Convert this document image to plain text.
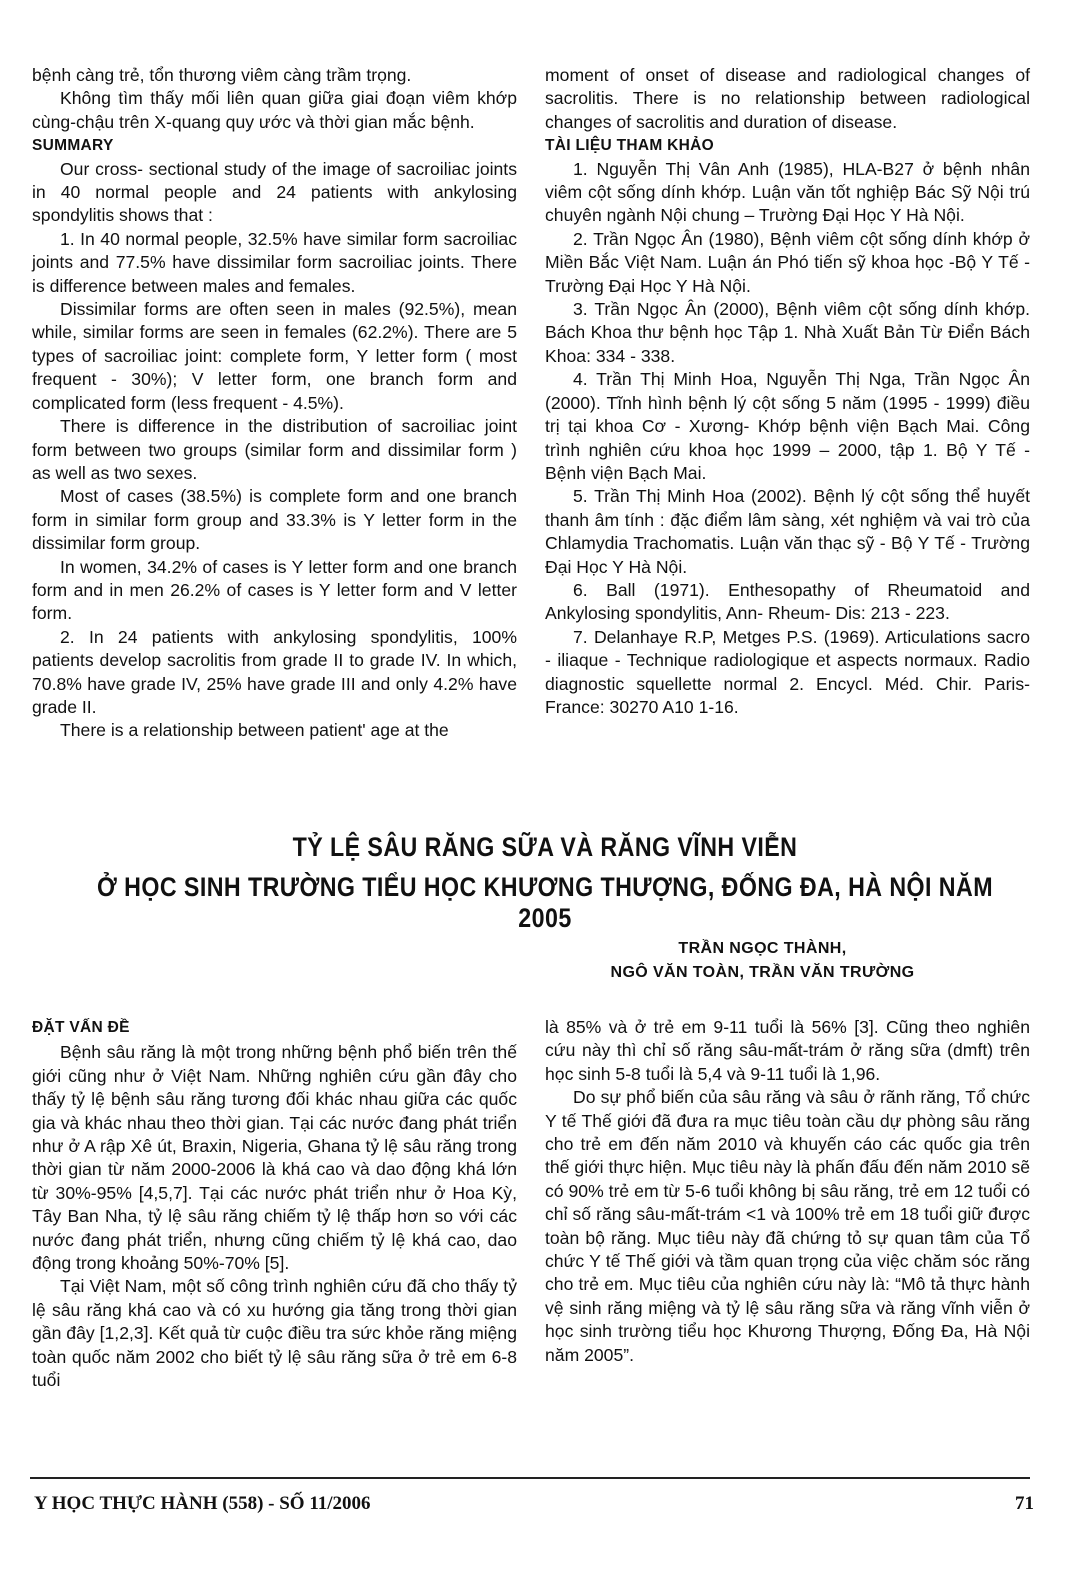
bệnh càng trẻ, tổn thương viêm càng trầm trọng.

Không tìm thấy mối liên quan giữa giai đoạn viêm khớp cùng-chậu trên X-quang quy ước và thời gian mắc bệnh.

SUMMARY

Our cross- sectional study of the image of sacroiliac joints in 40 normal people and 24 patients with ankylosing spondylitis shows that :

1. In 40 normal people, 32.5% have similar form sacroiliac joints and 77.5% have dissimilar form sacroiliac joints. There is difference between males and females.

Dissimilar forms are often seen in males (92.5%), mean while, similar forms are seen in females (62.2%). There are 5 types of sacroiliac joint: complete form, Y letter form ( most frequent - 30%); V letter form, one branch form and complicated form (less frequent - 4.5%).

There is difference in the distribution of sacroiliac joint form between two groups (similar form and dissimilar form ) as well as two sexes.

Most of cases (38.5%) is complete form and one branch form in similar form group and 33.3% is Y letter form in the dissimilar form group.

In women, 34.2% of cases is Y letter form and one branch form and in men 26.2% of cases is Y letter form and V letter form.

2. In 24 patients with ankylosing spondylitis, 100% patients develop sacrolitis from grade II to grade IV. In which, 70.8% have grade IV, 25% have grade III and only 4.2% have grade II.

There is a relationship between patient' age at the

moment of onset of disease and radiological changes of sacrolitis. There is no relationship between radiological changes of sacrolitis and duration of disease.

TÀI LIỆU THAM KHẢO

1. Nguyễn Thị Vân Anh (1985), HLA-B27 ở bệnh nhân viêm cột sống dính khớp. Luận văn tốt nghiệp Bác Sỹ Nội trú chuyên ngành Nội chung – Trường Đại Học Y Hà Nội.

2. Trần Ngọc Ân (1980), Bệnh viêm cột sống dính khớp ở Miền Bắc Việt Nam. Luận án Phó tiến sỹ khoa học -Bộ Y Tế - Trường Đại Học Y Hà Nội.

3. Trần Ngọc Ân (2000), Bệnh viêm cột sống dính khớp. Bách Khoa thư bệnh học Tập 1. Nhà Xuất Bản Từ Điển Bách Khoa: 334 - 338.

4. Trần Thị Minh Hoa, Nguyễn Thị Nga, Trần Ngọc Ân (2000). Tĩnh hình bệnh lý cột sống 5 năm (1995 - 1999) điều trị tại khoa Cơ - Xương- Khớp bệnh viện Bạch Mai. Công trình nghiên cứu khoa học 1999 – 2000, tập 1. Bộ Y Tế - Bệnh viện Bạch Mai.

5. Trần Thị Minh Hoa (2002). Bệnh lý cột sống thể huyết thanh âm tính : đặc điểm lâm sàng, xét nghiệm và vai trò của Chlamydia Trachomatis. Luận văn thạc sỹ - Bộ Y Tế - Trường Đại Học Y Hà Nội.

6. Ball (1971). Enthesopathy of Rheumatoid and Ankylosing spondylitis, Ann- Rheum- Dis: 213 - 223.

7. Delanhaye R.P, Metges P.S. (1969). Articulations sacro - iliaque - Technique radiologique et aspects normaux. Radio diagnostic squellette normal 2. Encycl. Méd. Chir. Paris- France: 30270 A10 1-16.

TỶ LỆ SÂU RĂNG SỮA VÀ RĂNG VĨNH VIỄN
Ở HỌC SINH TRƯỜNG TIỂU HỌC KHƯƠNG THƯỢNG, ĐỐNG ĐA, HÀ NỘI NĂM 2005
TRẦN NGỌC THÀNH,
NGÔ VĂN TOÀN, TRẦN VĂN TRƯỜNG

ĐẶT VẤN ĐỀ

Bệnh sâu răng là một trong những bệnh phổ biến trên thế giới cũng như ở Việt Nam. Những nghiên cứu gần đây cho thấy tỷ lệ bệnh sâu răng tương đối khác nhau giữa các quốc gia và khác nhau theo thời gian. Tại các nước đang phát triển như ở A rập Xê út, Braxin, Nigeria, Ghana tỷ lệ sâu răng trong thời gian từ năm 2000-2006 là khá cao và dao động khá lớn từ 30%-95% [4,5,7]. Tại các nước phát triển như ở Hoa Kỳ, Tây Ban Nha, tỷ lệ sâu răng chiếm tỷ lệ thấp hơn so với các nước đang phát triển, nhưng cũng chiếm tỷ lệ khá cao, dao động trong khoảng 50%-70% [5].

Tại Việt Nam, một số công trình nghiên cứu đã cho thấy tỷ lệ sâu răng khá cao và có xu hướng gia tăng trong thời gian gần đây [1,2,3]. Kết quả từ cuộc điều tra sức khỏe răng miệng toàn quốc năm 2002 cho biết tỷ lệ sâu răng sữa ở trẻ em 6-8 tuổi

là 85% và ở trẻ em 9-11 tuổi là 56% [3]. Cũng theo nghiên cứu này thì chỉ số răng sâu-mất-trám ở răng sữa (dmft) trên học sinh 5-8 tuổi là 5,4 và 9-11 tuổi là 1,96.

Do sự phổ biến của sâu răng và sâu ở rãnh răng, Tổ chức Y tế Thế giới đã đưa ra mục tiêu toàn cầu dự phòng sâu răng cho trẻ em đến năm 2010 và khuyến cáo các quốc gia trên thế giới thực hiện. Mục tiêu này là phấn đấu đến năm 2010 sẽ có 90% trẻ em từ 5-6 tuổi không bị sâu răng, trẻ em 12 tuổi có chỉ số răng sâu-mất-trám <1 và 100% trẻ em 18 tuổi giữ được toàn bộ răng. Mục tiêu này đã chứng tỏ sự quan tâm của Tổ chức Y tế Thế giới và tầm quan trọng của việc chăm sóc răng cho trẻ em. Mục tiêu của nghiên cứu này là: “Mô tả thực hành vệ sinh răng miệng và tỷ lệ sâu răng sữa và răng vĩnh viễn ở học sinh trường tiểu học Khương Thượng, Đống Đa, Hà Nội năm 2005”.

Y HỌC THỰC HÀNH (558) - SỐ 11/2006	71
